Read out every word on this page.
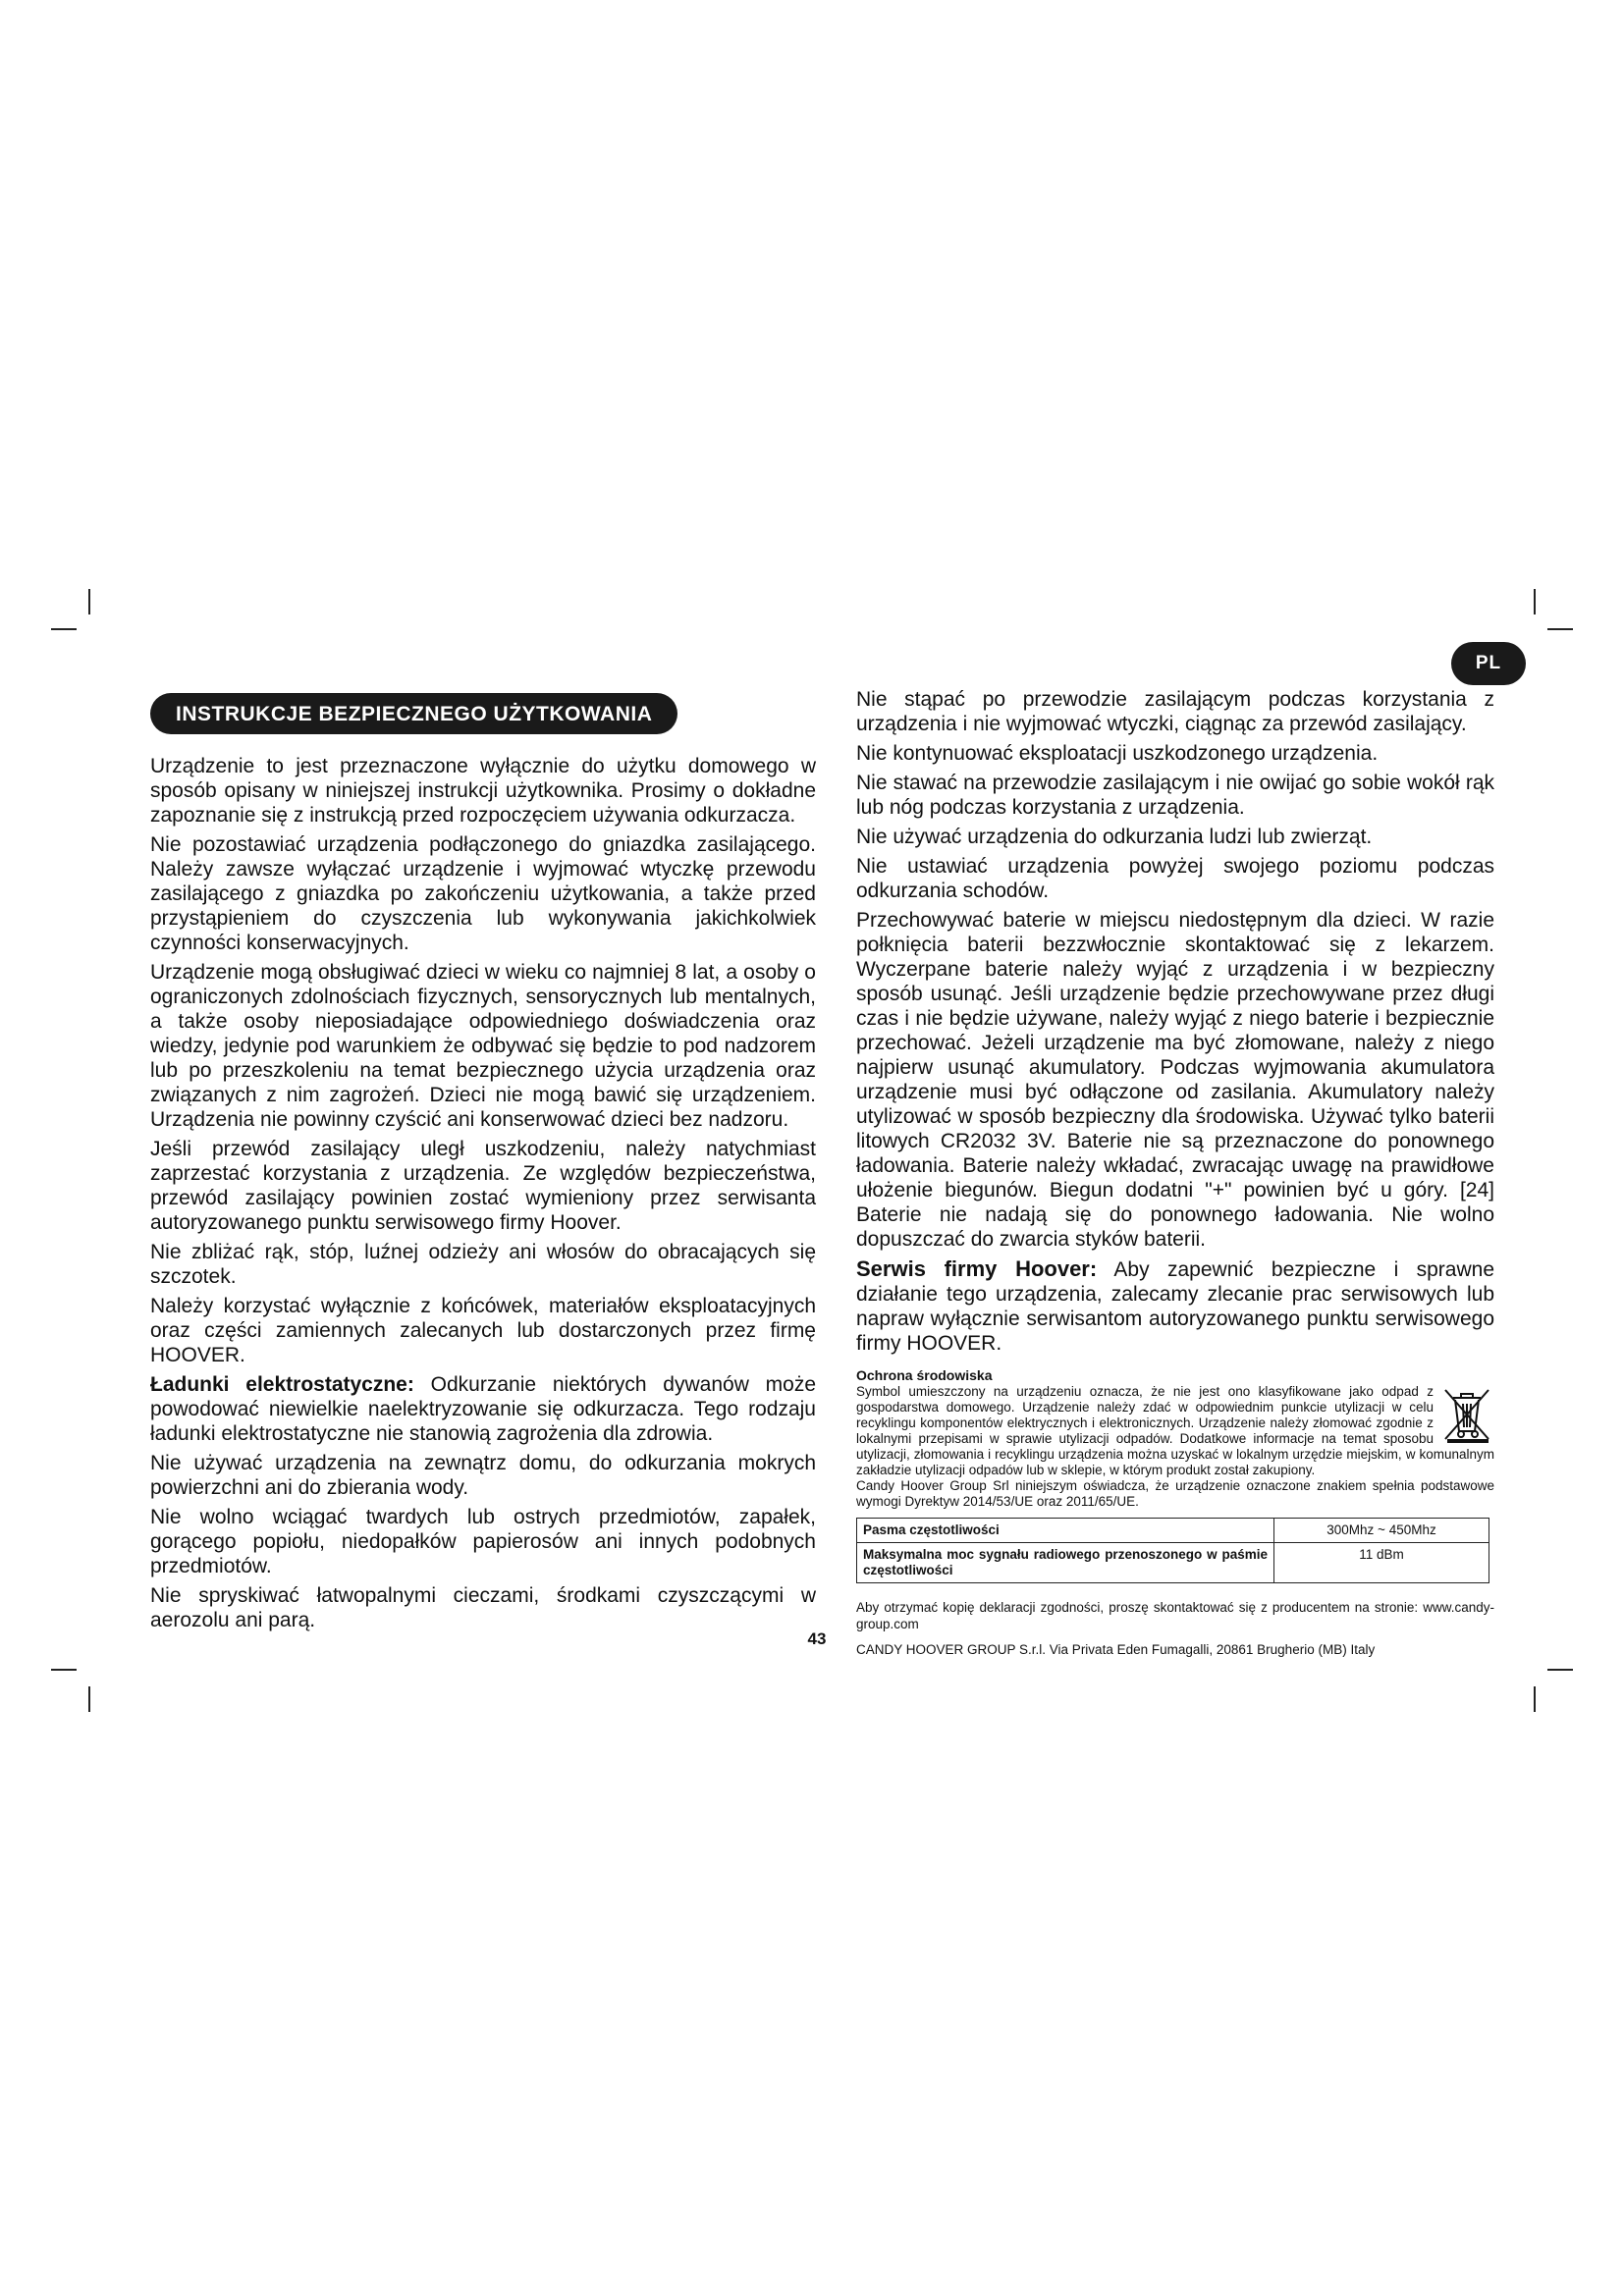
PL
INSTRUKCJE BEZPIECZNEGO UŻYTKOWANIA

Urządzenie to jest przeznaczone wyłącznie do użytku domowego w sposób opisany w niniejszej instrukcji użytkownika. Prosimy o dokładne zapoznanie się z instrukcją przed rozpoczęciem używania odkurzacza.

Nie pozostawiać urządzenia podłączonego do gniazdka zasilającego. Należy zawsze wyłączać urządzenie i wyjmować wtyczkę przewodu zasilającego z gniazdka po zakończeniu użytkowania, a także przed przystąpieniem do czyszczenia lub wykonywania jakichkolwiek czynności konserwacyjnych.

Urządzenie mogą obsługiwać dzieci w wieku co najmniej 8 lat, a osoby o ograniczonych zdolnościach fizycznych, sensorycznych lub mentalnych, a także osoby nieposiadające odpowiedniego doświadczenia oraz wiedzy, jedynie pod warunkiem że odbywać się będzie to pod nadzorem lub po przeszkoleniu na temat bezpiecznego użycia urządzenia oraz związanych z nim zagrożeń. Dzieci nie mogą bawić się urządzeniem. Urządzenia nie powinny czyścić ani konserwować dzieci bez nadzoru.

Jeśli przewód zasilający uległ uszkodzeniu, należy natychmiast zaprzestać korzystania z urządzenia. Ze względów bezpieczeństwa, przewód zasilający powinien zostać wymieniony przez serwisanta autoryzowanego punktu serwisowego firmy Hoover.

Nie zbliżać rąk, stóp, luźnej odzieży ani włosów do obracających się szczotek.

Należy korzystać wyłącznie z końcówek, materiałów eksploatacyjnych oraz części zamiennych zalecanych lub dostarczonych przez firmę HOOVER.

Ładunki elektrostatyczne: Odkurzanie niektórych dywanów może powodować niewielkie naelektryzowanie się odkurzacza. Tego rodzaju ładunki elektrostatyczne nie stanowią zagrożenia dla zdrowia.

Nie używać urządzenia na zewnątrz domu, do odkurzania mokrych powierzchni ani do zbierania wody.

Nie wolno wciągać twardych lub ostrych przedmiotów, zapałek, gorącego popiołu, niedopałków papierosów ani innych podobnych przedmiotów.

Nie spryskiwać łatwopalnymi cieczami, środkami czyszczącymi w aerozolu ani parą.

Nie stąpać po przewodzie zasilającym podczas korzystania z urządzenia i nie wyjmować wtyczki, ciągnąc za przewód zasilający.

Nie kontynuować eksploatacji uszkodzonego urządzenia.

Nie stawać na przewodzie zasilającym i nie owijać go sobie wokół rąk lub nóg podczas korzystania z urządzenia.

Nie używać urządzenia do odkurzania ludzi lub zwierząt.

Nie ustawiać urządzenia powyżej swojego poziomu podczas odkurzania schodów.

Przechowywać baterie w miejscu niedostępnym dla dzieci. W razie połknięcia baterii bezzwłocznie skontaktować się z lekarzem. Wyczerpane baterie należy wyjąć z urządzenia i w bezpieczny sposób usunąć. Jeśli urządzenie będzie przechowywane przez długi czas i nie będzie używane, należy wyjąć z niego baterie i bezpiecznie przechować. Jeżeli urządzenie ma być złomowane, należy z niego najpierw usunąć akumulatory. Podczas wyjmowania akumulatora urządzenie musi być odłączone od zasilania. Akumulatory należy utylizować w sposób bezpieczny dla środowiska. Używać tylko baterii litowych CR2032 3V. Baterie nie są przeznaczone do ponownego ładowania. Baterie należy wkładać, zwracając uwagę na prawidłowe ułożenie biegunów. Biegun dodatni "+" powinien być u góry. [24] Baterie nie nadają się do ponownego ładowania. Nie wolno dopuszczać do zwarcia styków baterii.

Serwis firmy Hoover: Aby zapewnić bezpieczne i sprawne działanie tego urządzenia, zalecamy zlecanie prac serwisowych lub napraw wyłącznie serwisantom autoryzowanego punktu serwisowego firmy HOOVER.

Ochrona środowiska
Symbol umieszczony na urządzeniu oznacza, że nie jest ono klasyfikowane jako odpad z gospodarstwa domowego. Urządzenie należy zdać w odpowiednim punkcie utylizacji w celu recyklingu komponentów elektrycznych i elektronicznych. Urządzenie należy złomować zgodnie z lokalnymi przepisami w sprawie utylizacji odpadów. Dodatkowe informacje na temat sposobu utylizacji, złomowania i recyklingu urządzenia można uzyskać w lokalnym urzędzie miejskim, w komunalnym zakładzie utylizacji odpadów lub w sklepie, w którym produkt został zakupiony.
Candy Hoover Group Srl niniejszym oświadcza, że urządzenie oznaczone znakiem spełnia podstawowe wymogi Dyrektyw 2014/53/UE oraz 2011/65/UE.
Pasma częstotliwości	300Mhz ~ 450Mhz
Maksymalna moc sygnału radiowego przenoszonego w paśmie częstotliwości	11 dBm
Aby otrzymać kopię deklaracji zgodności, proszę skontaktować się z producentem na stronie: www.candy-group.com
CANDY HOOVER GROUP S.r.l. Via Privata Eden Fumagalli, 20861 Brugherio (MB) Italy
43
